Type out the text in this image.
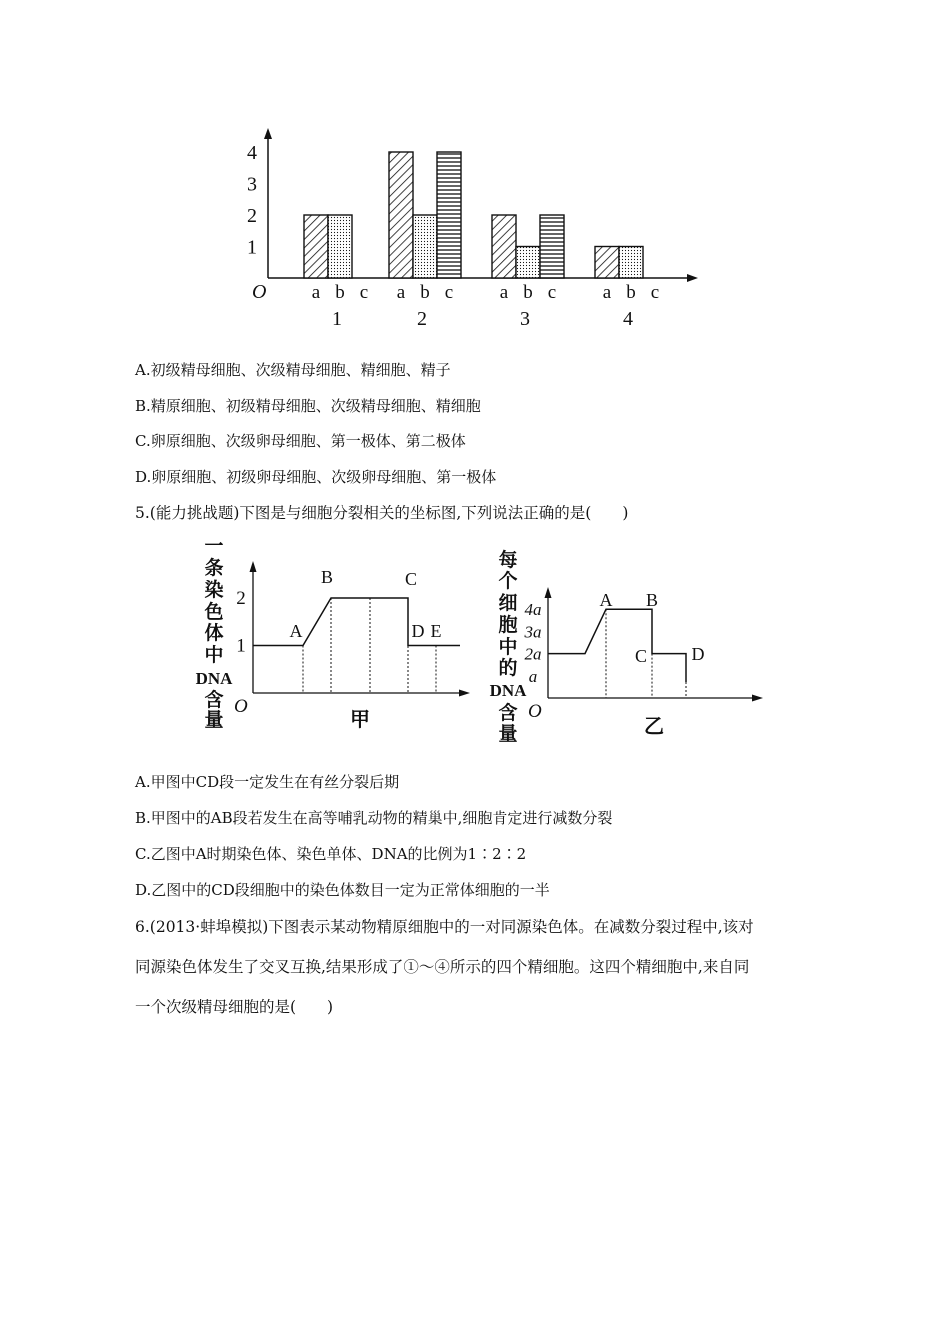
1
2
3
4
a b c
1
a b c
2
a b c
3
a b c
4
O
A.初级精母细胞、次级精母细胞、精细胞、精子
B.精原细胞、初级精母细胞、次级精母细胞、精细胞
C.卵原细胞、次级卵母细胞、第一极体、第二极体
D.卵原细胞、初级卵母细胞、次级卵母细胞、第一极体
5.(能力挑战题)下图是与细胞分裂相关的坐标图,下列说法正确的是(　　)
一
条
染
色
体
中
DNA
含
量
1
2
A
B	C
D E
O
甲
每
个
细
胞
中
的
DNA
含
量
4a
3a
2a
a
A B
C D
O
乙
A.甲图中CD段一定发生在有丝分裂后期
B.甲图中的AB段若发生在高等哺乳动物的精巢中,细胞肯定进行减数分裂
C.乙图中A时期染色体、染色单体、DNA的比例为1∶2∶2
D.乙图中的CD段细胞中的染色体数目一定为正常体细胞的一半
6.(2013·蚌埠模拟)下图表示某动物精原细胞中的一对同源染色体。在减数分裂过程中,该对
同源染色体发生了交叉互换,结果形成了①～④所示的四个精细胞。这四个精细胞中,来自同
一个次级精母细胞的是(　　)
